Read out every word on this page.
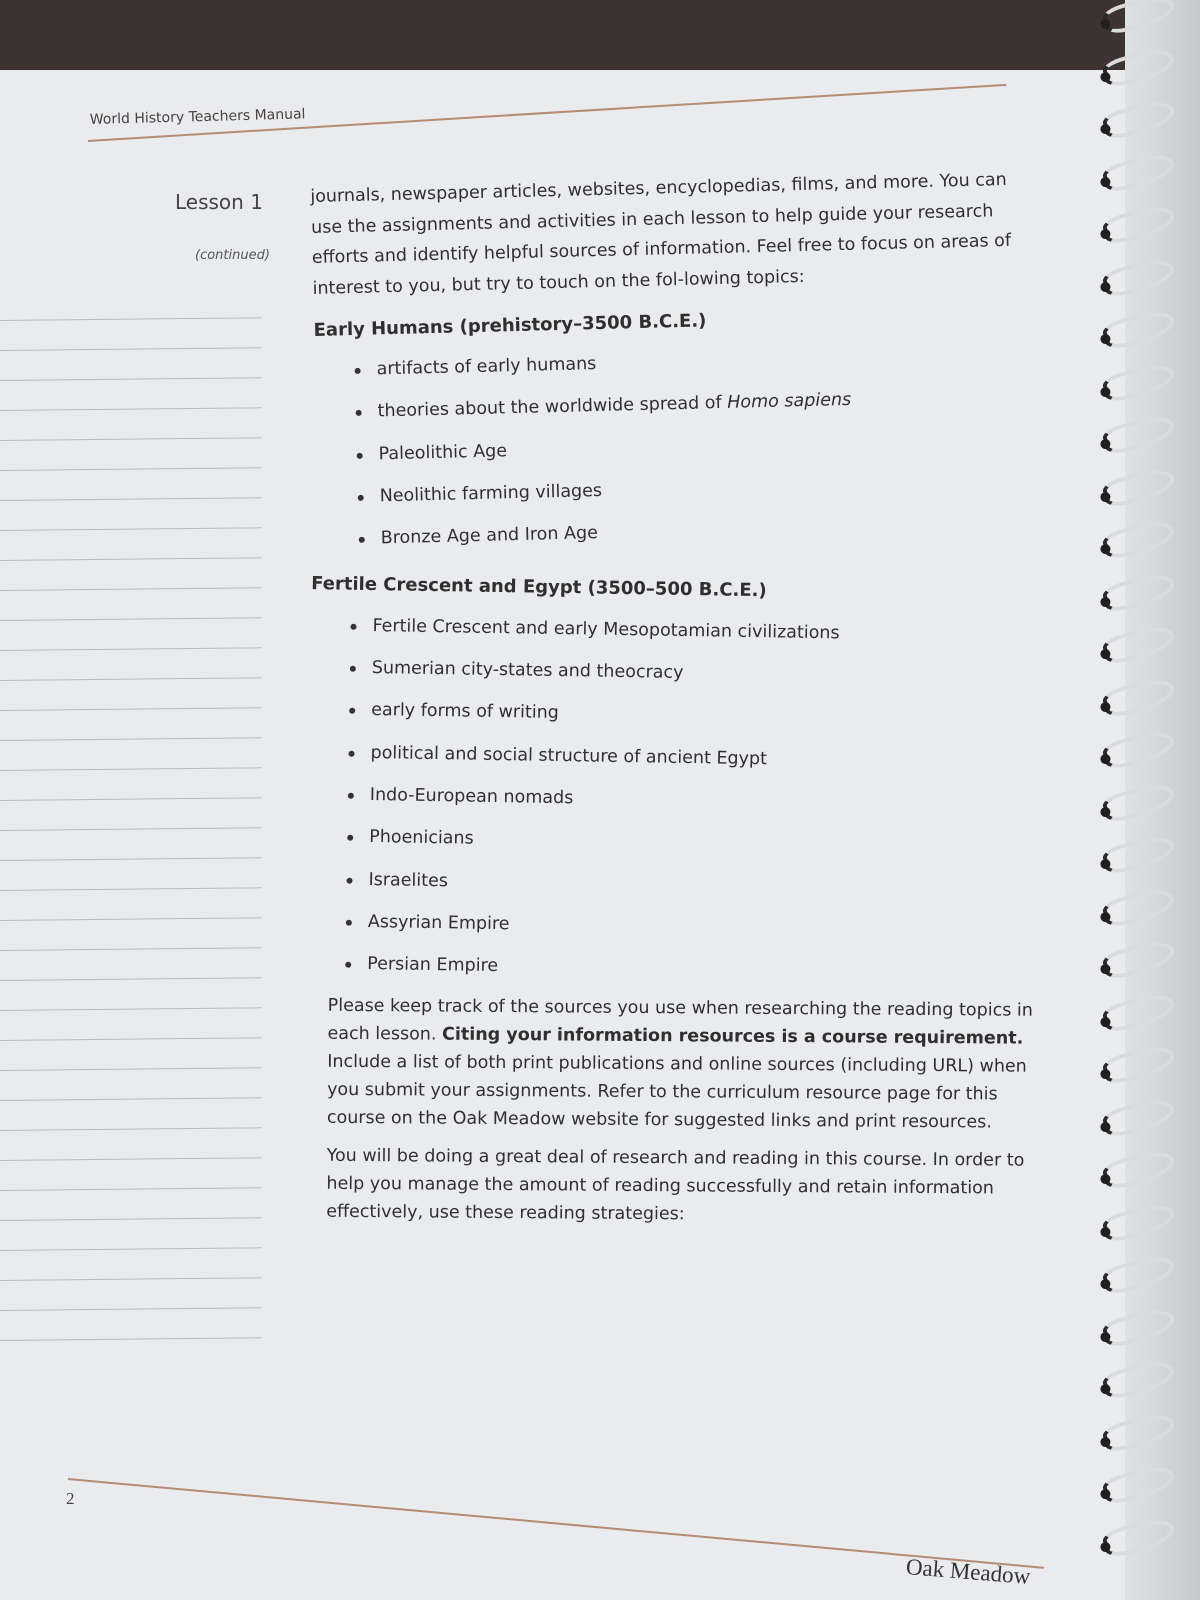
World History Teachers Manual
Lesson 1
(continued)

journals, newspaper articles, websites, encyclopedias, films, and more. You can use the assignments and activities in each lesson to help guide your research efforts and identify helpful sources of information. Feel free to focus on areas of interest to you, but try to touch on the fol-lowing topics:

Early Humans (prehistory–3500 B.C.E.)
artifacts of early humans
theories about the worldwide spread of Homo sapiens
Paleolithic Age
Neolithic farming villages
Bronze Age and Iron Age
Fertile Crescent and Egypt (3500–500 B.C.E.)
Fertile Crescent and early Mesopotamian civilizations
Sumerian city-states and theocracy
early forms of writing
political and social structure of ancient Egypt
Indo-European nomads
Phoenicians
Israelites
Assyrian Empire
Persian Empire

Please keep track of the sources you use when researching the reading topics in each lesson. Citing your information resources is a course requirement. Include a list of both print publications and online sources (including URL) when you submit your assignments. Refer to the curriculum resource page for this course on the Oak Meadow website for suggested links and print resources.

You will be doing a great deal of research and reading in this course. In order to help you manage the amount of reading successfully and retain information effectively, use these reading strategies:

2
Oak Meadow
